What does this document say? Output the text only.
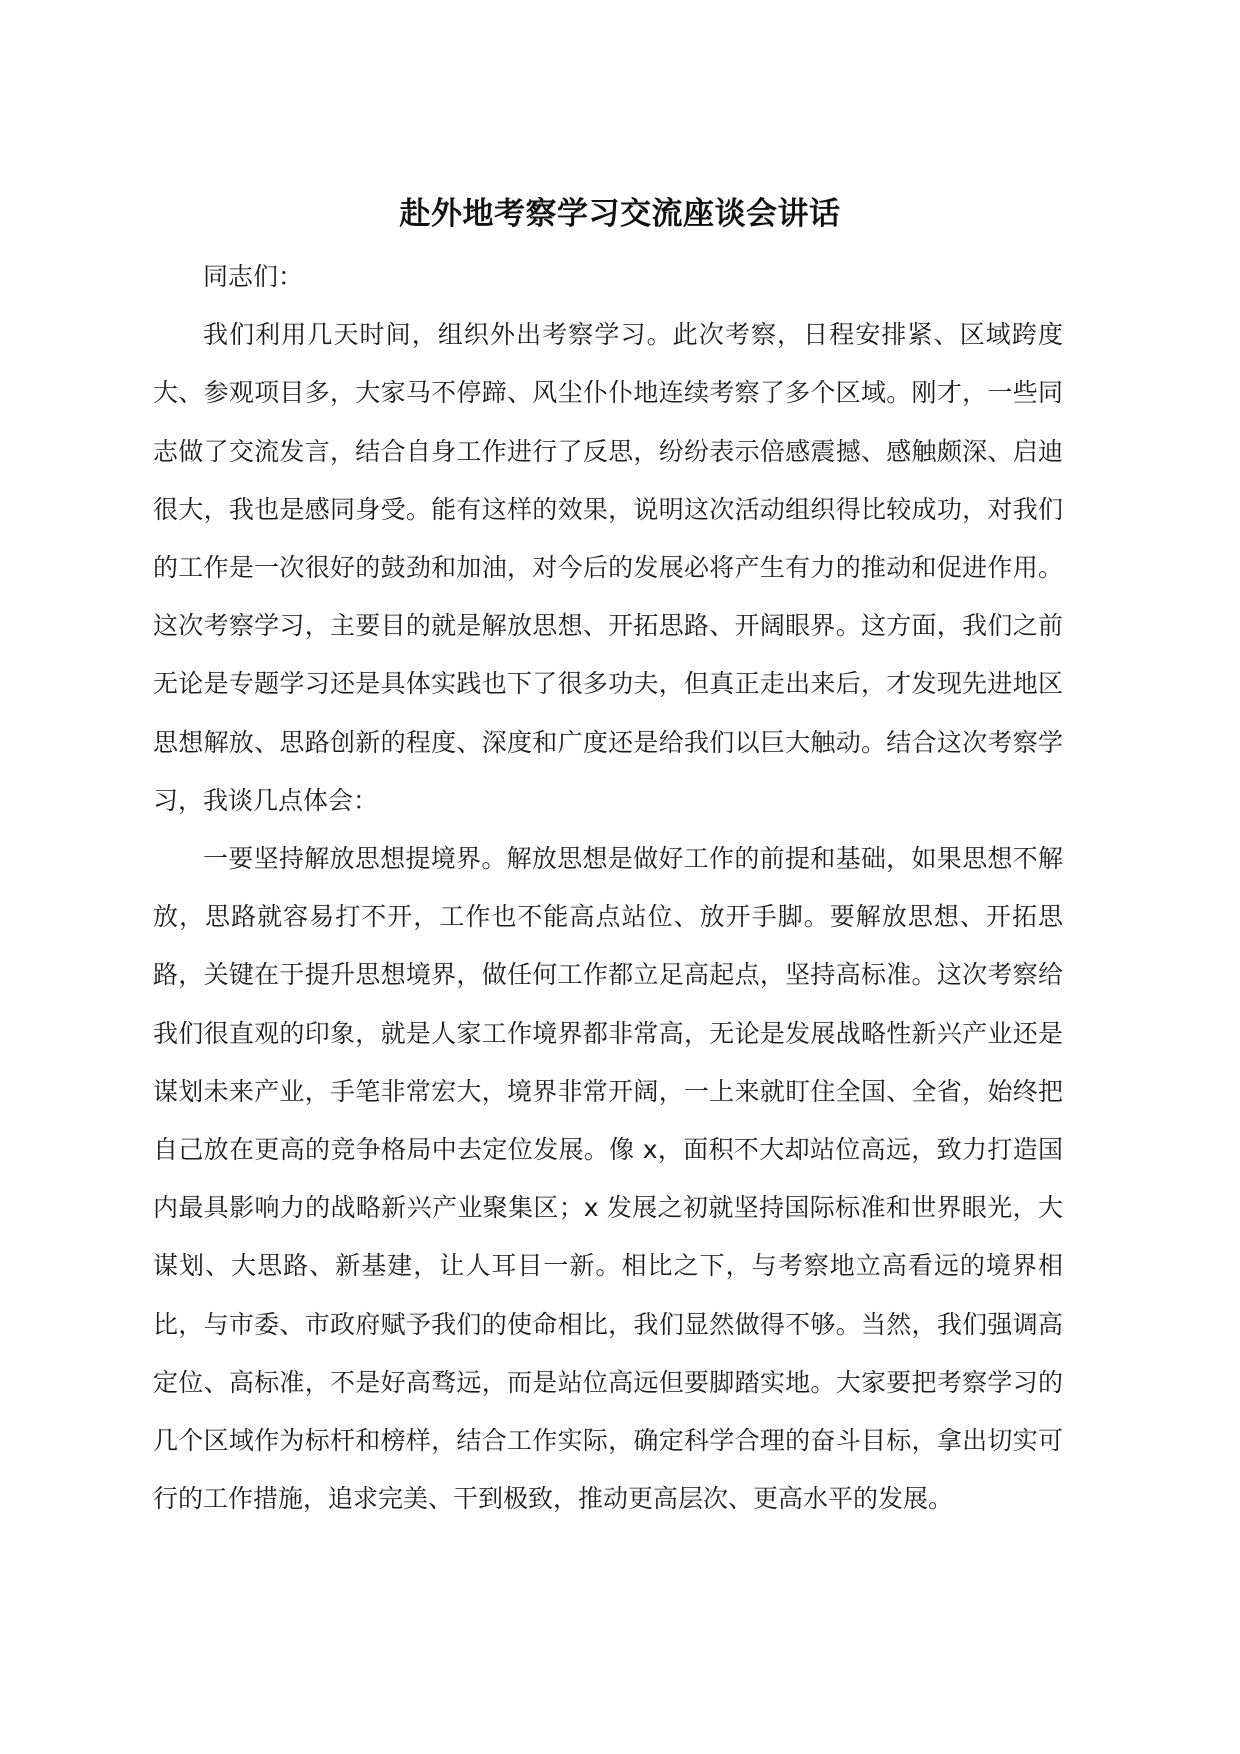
赴外地考察学习交流座谈会讲话

同志们：

我们利用几天时间，组织外出考察学习。此次考察，日程安排紧、区域跨度大、参观项目多，大家马不停蹄、风尘仆仆地连续考察了多个区域。刚才，一些同志做了交流发言，结合自身工作进行了反思，纷纷表示倍感震撼、感触颇深、启迪很大，我也是感同身受。能有这样的效果，说明这次活动组织得比较成功，对我们的工作是一次很好的鼓劲和加油，对今后的发展必将产生有力的推动和促进作用。这次考察学习，主要目的就是解放思想、开拓思路、开阔眼界。这方面，我们之前无论是专题学习还是具体实践也下了很多功夫，但真正走出来后，才发现先进地区思想解放、思路创新的程度、深度和广度还是给我们以巨大触动。结合这次考察学习，我谈几点体会：

一要坚持解放思想提境界。解放思想是做好工作的前提和基础，如果思想不解放，思路就容易打不开，工作也不能高点站位、放开手脚。要解放思想、开拓思路，关键在于提升思想境界，做任何工作都立足高起点，坚持高标准。这次考察给我们很直观的印象，就是人家工作境界都非常高，无论是发展战略性新兴产业还是谋划未来产业，手笔非常宏大，境界非常开阔，一上来就盯住全国、全省，始终把自己放在更高的竞争格局中去定位发展。像 x，面积不大却站位高远，致力打造国内最具影响力的战略新兴产业聚集区；x 发展之初就坚持国际标准和世界眼光，大谋划、大思路、新基建，让人耳目一新。相比之下，与考察地立高看远的境界相比，与市委、市政府赋予我们的使命相比，我们显然做得不够。当然，我们强调高定位、高标准，不是好高骛远，而是站位高远但要脚踏实地。大家要把考察学习的几个区域作为标杆和榜样，结合工作实际，确定科学合理的奋斗目标，拿出切实可行的工作措施，追求完美、干到极致，推动更高层次、更高水平的发展。
